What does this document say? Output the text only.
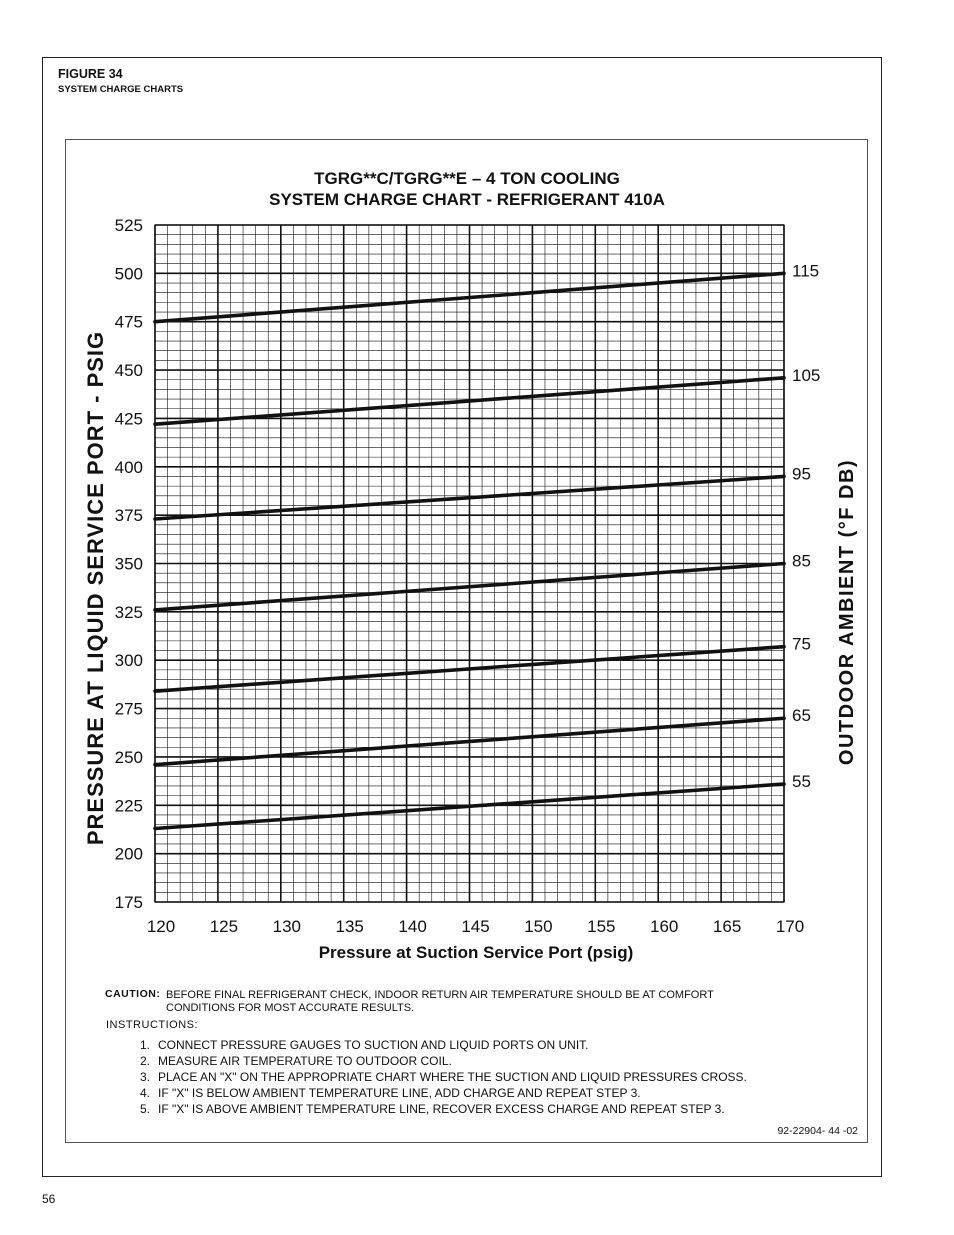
FIGURE 34
SYSTEM CHARGE CHARTS
TGRG**C/TGRG**E – 4 TON COOLING
SYSTEM CHARGE CHART - REFRIGERANT 410A
120 125 130 135 140 145 150 155 160 165 170
175
200
225
250
275
300
325
350
375
400
425
450
475
500
525
115
105
95
85
75
65
55
Pressure at Suction Service Port (psig)
PRESSURE AT LIQUID SERVICE PORT - PSIG	OUTDOOR AMBIENT (°F DB)
CAUTION: BEFORE FINAL REFRIGERANT CHECK, INDOOR RETURN AIR TEMPERATURE SHOULD BE AT COMFORT
CONDITIONS FOR MOST ACCURATE RESULTS.
INSTRUCTIONS:
1. CONNECT PRESSURE GAUGES TO SUCTION AND LIQUID PORTS ON UNIT.
2. MEASURE AIR TEMPERATURE TO OUTDOOR COIL.
3. PLACE AN "X" ON THE APPROPRIATE CHART WHERE THE SUCTION AND LIQUID PRESSURES CROSS.
4. IF "X" IS BELOW AMBIENT TEMPERATURE LINE, ADD CHARGE AND REPEAT STEP 3.
5. IF "X" IS ABOVE AMBIENT TEMPERATURE LINE, RECOVER EXCESS CHARGE AND REPEAT STEP 3.
92-22904- 44 -02
56
